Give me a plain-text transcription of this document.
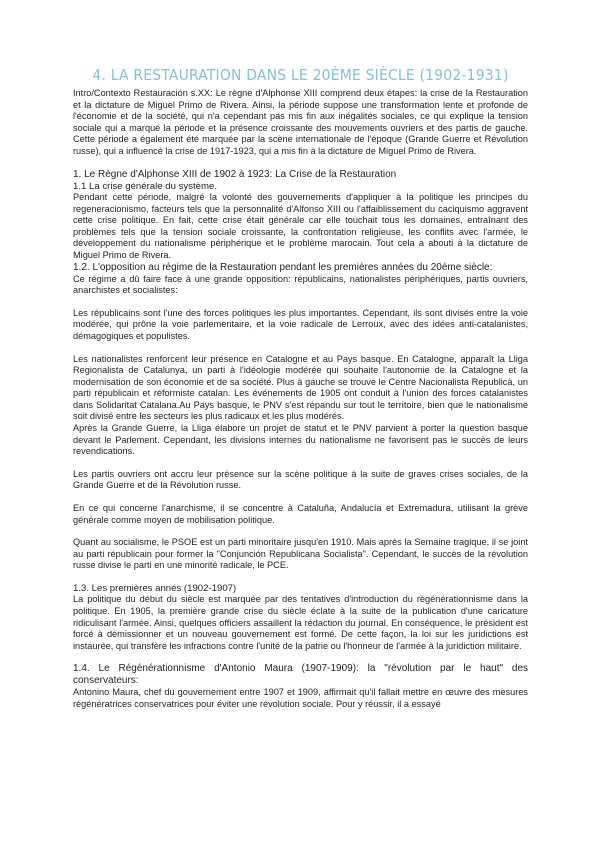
4. LA RESTAURATION DANS LE 20ÈME SIÈCLE (1902-1931)

Intro/Contexto Restauración s.XX: Le règne d'Alphonse XIII comprend deux étapes: la crise de la Restauration et la dictature de Miguel Primo de Rivera. Ainsi, la période suppose une transformation lente et profonde de l'économie et de la société, qui n'a cependant pas mis fin aux inégalités sociales, ce qui explique la tension sociale qui a marqué la période et la présence croissante des mouvements ouvriers et des partis de gauche. Cette période a également été marquée par la scène internationale de l'époque (Grande Guerre et Révolution russe), qui a influencé la crise de 1917-1923, qui a mis fin à la dictature de Miguel Primo de Rivera.

1. Le Règne d'Alphonse XIII de 1902 à 1923: La Crise de la Restauration
1.1 La crise générale du système.

Pendant cette période, malgré la volonté des gouvernements d'appliquer à la politique les principes du regeneracionismo, facteurs tels que la personnalité d'Alfonso XIII ou l'affaiblissement du caciquismo aggravent cette crise politique. En fait, cette crise était générale car elle touchait tous les domaines, entraînant des problèmes tels que la tension sociale croissante, la confrontation religieuse, les conflits avec l'armée, le développement du nationalisme périphérique et le problème marocain. Tout cela a abouti à la dictature de Miguel Primo de Rivera.

1.2. L'opposition au régime de la Restauration pendant les premières années du 20ème siècle:

Ce régime a dû faire face à une grande opposition: républicains, nationalistes périphériques, partis ouvriers, anarchistes et socialistes:

Les républicains sont l'une des forces politiques les plus importantes. Cependant, ils sont divisés entre la voie modérée, qui prône la voie parlementaire, et la voie radicale de Lerroux, avec des idées anti-catalanistes, démagogiques et populistes.

Les nationalistes renforcent leur présence en Catalogne et au Pays basque. En Catalogne, apparaît la Lliga Regionalista de Catalunya, un parti à l'idéologie modérée qui souhaite l'autonomie de la Catalogne et la modernisation de son économie et de sa société. Plus à gauche se trouve le Centre Nacionalista Republicà, un parti républicain et réformiste catalan. Les événements de 1905 ont conduit à l'union des forces catalanistes dans Solidaritat Catalana.Au Pays basque, le PNV s'est répandu sur tout le territoire, bien que le nationalisme soit divisé entre les secteurs les plus radicaux et les plus modérés.

Après la Grande Guerre, la Lliga élabore un projet de statut et le PNV parvient à porter la question basque devant le Parlement. Cependant, les divisions internes du nationalisme ne favorisent pas le succès de leurs revendications.

Les partis ouvriers ont accru leur présence sur la scène politique à la suite de graves crises sociales, de la Grande Guerre et de la Révolution russe.

En ce qui concerne l'anarchisme, il se concentre à Cataluña, Andalucía et Extremadura, utilisant la grève générale comme moyen de mobilisation politique.

Quant au socialisme, le PSOE est un parti minoritaire jusqu'en 1910. Mais après la Semaine tragique, il se joint au parti républicain pour former la "Conjunción Republicana Socialista". Cependant, le succès de la révolution russe divise le parti en une minorité radicale, le PCE.

1.3. Les premières annés (1902-1907)

La politique du début du siècle est marquée par des tentatives d'introduction du régénérationnisme dans la politique. En 1905, la première grande crise du siècle éclate à la suite de la publication d'une caricature ridiculisant l'armée. Ainsi, quelques officiers assaillent la rédaction du journal. En conséquence, le président est forcé à démissionner et un nouveau gouvernement est formé. De cette façon, la loi sur les juridictions est instaurée, qui transfère les infractions contre l'unité de la patrie ou l'honneur de l'armée à la juridiction militaire.

1.4. Le Régénérationnisme d'Antonio Maura (1907-1909): la "révolution par le haut" des conservateurs:

Antonino Maura, chef du gouvernement entre 1907 et 1909, affirmait qu'il fallait mettre en œuvre des mesures régénératrices conservatrices pour éviter une révolution sociale. Pour y réussir, il a essayé
